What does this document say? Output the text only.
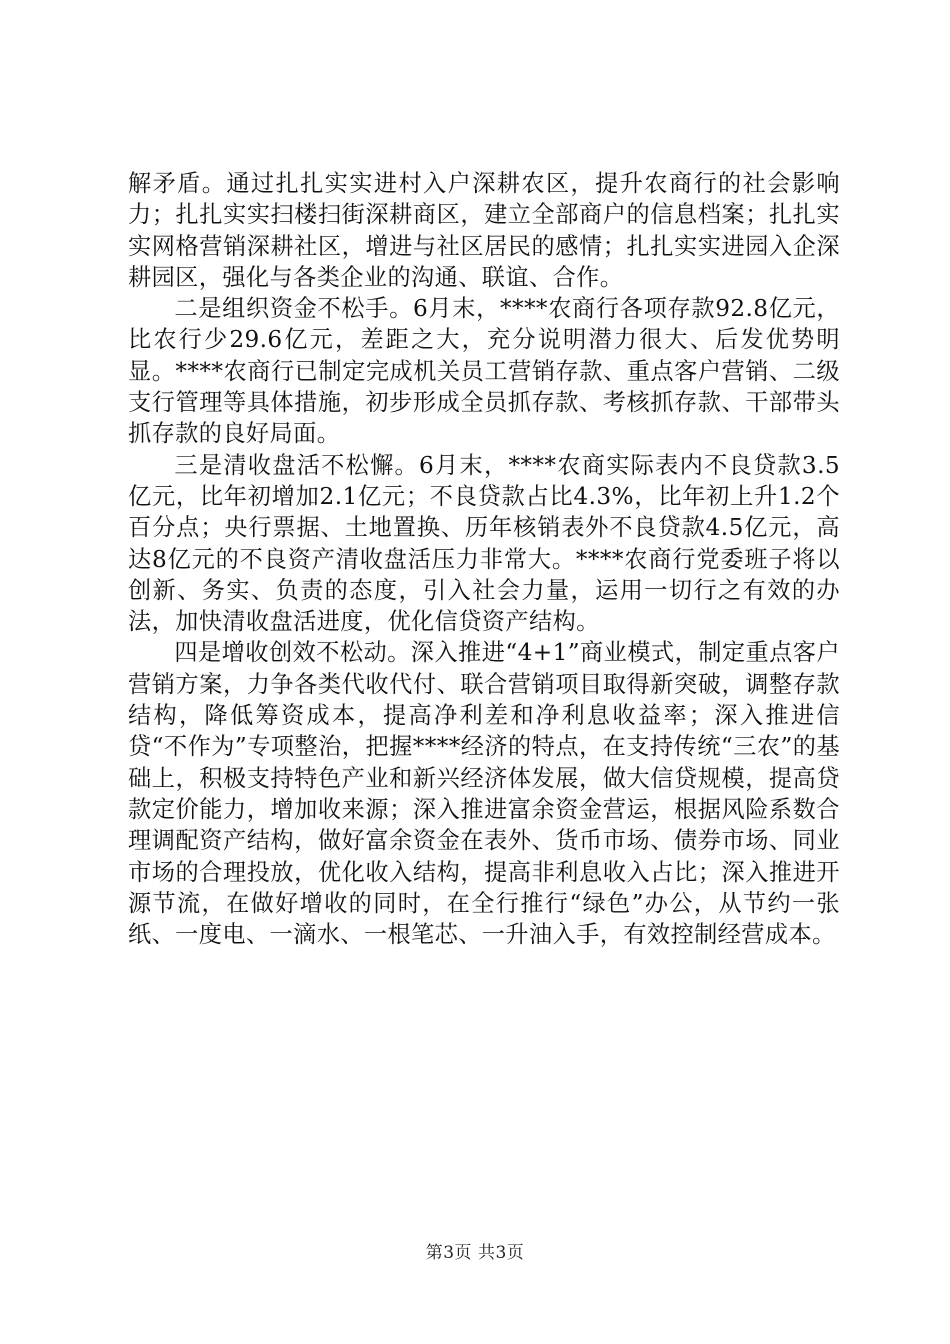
解矛盾。通过扎扎实实进村入户深耕农区，提升农商行的社会影响力；扎扎实实扫楼扫街深耕商区，建立全部商户的信息档案；扎扎实实网格营销深耕社区，增进与社区居民的感情；扎扎实实进园入企深耕园区，强化与各类企业的沟通、联谊、合作。

二是组织资金不松手。6月末，****农商行各项存款92.8亿元，比农行少29.6亿元，差距之大，充分说明潜力很大、后发优势明显。****农商行已制定完成机关员工营销存款、重点客户营销、二级支行管理等具体措施，初步形成全员抓存款、考核抓存款、干部带头抓存款的良好局面。

三是清收盘活不松懈。6月末，****农商实际表内不良贷款3.5亿元，比年初增加2.1亿元；不良贷款占比4.3%，比年初上升1.2个百分点；央行票据、土地置换、历年核销表外不良贷款4.5亿元，高达8亿元的不良资产清收盘活压力非常大。****农商行党委班子将以创新、务实、负责的态度，引入社会力量，运用一切行之有效的办法，加快清收盘活进度，优化信贷资产结构。

四是增收创效不松动。深入推进“4+1”商业模式，制定重点客户营销方案，力争各类代收代付、联合营销项目取得新突破，调整存款结构，降低筹资成本，提高净利差和净利息收益率；深入推进信贷“不作为”专项整治，把握****经济的特点，在支持传统“三农”的基础上，积极支持特色产业和新兴经济体发展，做大信贷规模，提高贷款定价能力，增加收来源；深入推进富余资金营运，根据风险系数合理调配资产结构，做好富余资金在表外、货币市场、债券市场、同业市场的合理投放，优化收入结构，提高非利息收入占比；深入推进开源节流，在做好增收的同时，在全行推行“绿色”办公，从节约一张纸、一度电、一滴水、一根笔芯、一升油入手，有效控制经营成本。

第3页 共3页
